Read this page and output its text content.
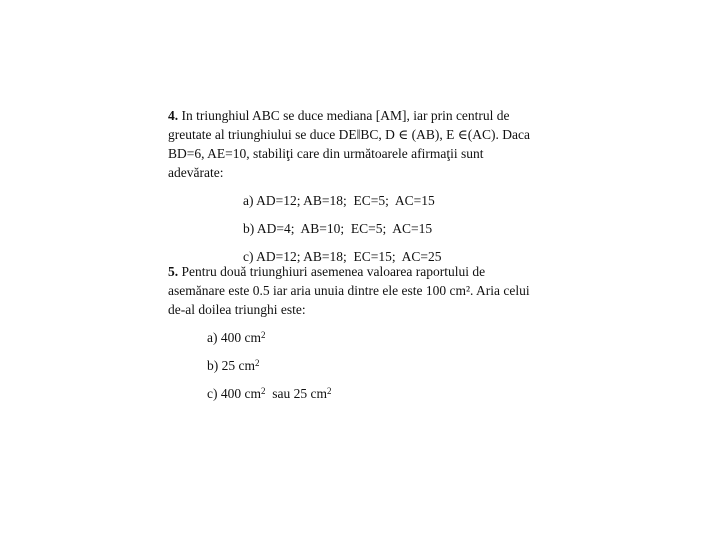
4. In triunghiul ABC se duce mediana [AM], iar prin centrul de
greutate al triunghiului se duce DE‖BC, D ∈ (AB), E ∈(AC). Daca
BD=6, AE=10, stabiliţi care din următoarele afirmaţii sunt
adevărate:
a) AD=12; AB=18;  EC=5;  AC=15
b) AD=4;  AB=10;  EC=5;  AC=15
c) AD=12; AB=18;  EC=15;  AC=25
5. Pentru două triunghiuri asemenea valoarea raportului de
asemănare este 0.5 iar aria unuia dintre ele este 100 cm². Aria celui
de-al doilea triunghi este:
a) 400 $cm^2$
b) 25 $cm^2$
c) 400 $cm^2$  sau 25 $cm^2$
